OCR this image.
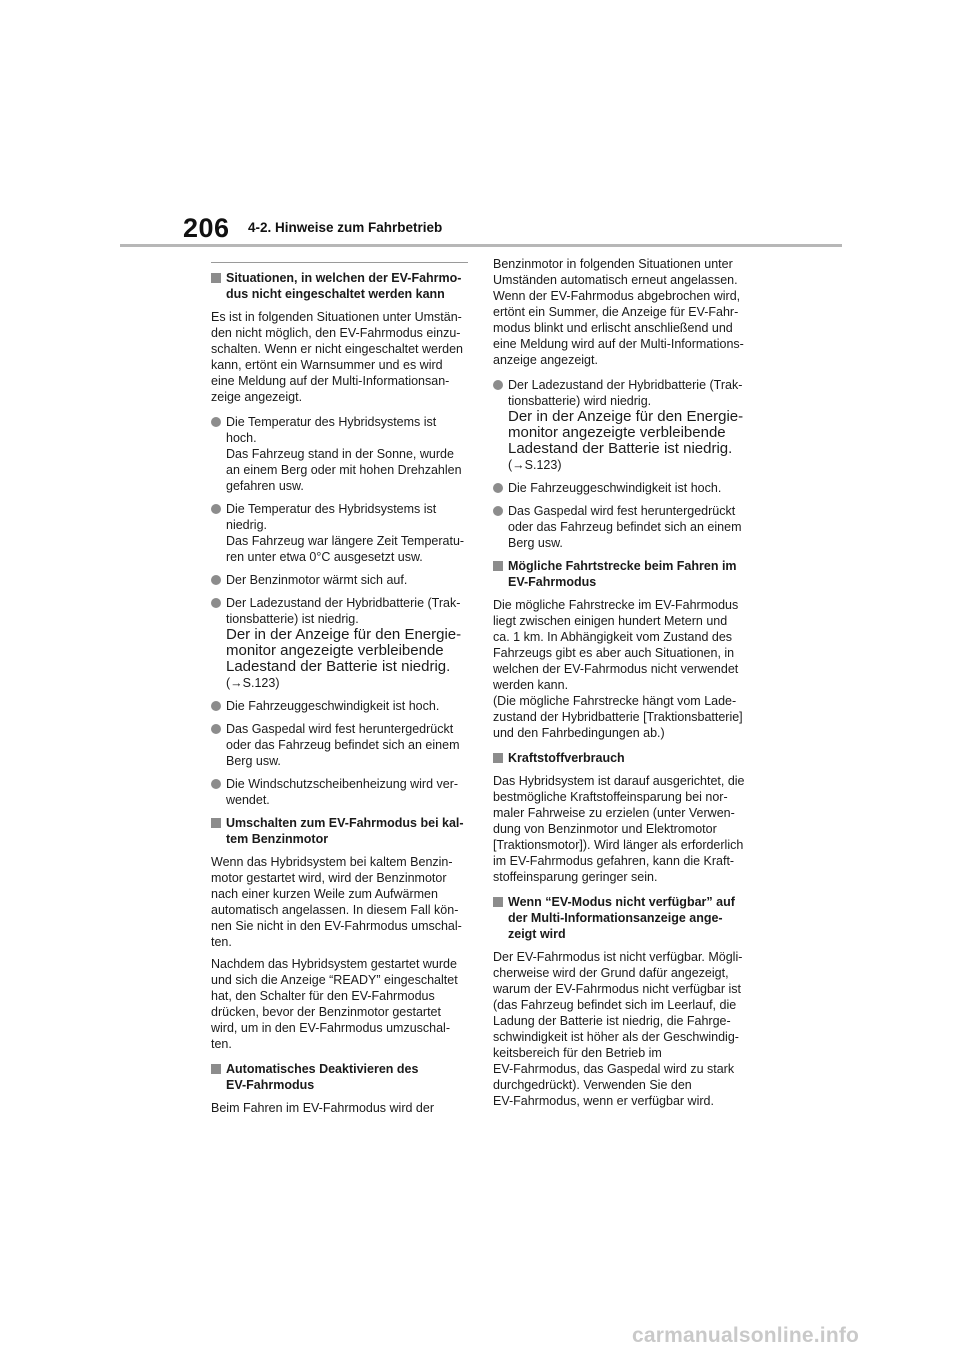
206 4-2. Hinweise zum Fahrbetrieb
Situationen, in welchen der EV-Fahrmo-
dus nicht eingeschaltet werden kann
Es ist in folgenden Situationen unter Umstän-
den nicht möglich, den EV-Fahrmodus einzu-
schalten. Wenn er nicht eingeschaltet werden
kann, ertönt ein Warnsummer und es wird
eine Meldung auf der Multi-Informationsan-
zeige angezeigt.
Die Temperatur des Hybridsystems ist
hoch.
Das Fahrzeug stand in der Sonne, wurde
an einem Berg oder mit hohen Drehzahlen
gefahren usw.
Die Temperatur des Hybridsystems ist
niedrig.
Das Fahrzeug war längere Zeit Temperatu-
ren unter etwa 0°C ausgesetzt usw.
Der Benzinmotor wärmt sich auf.
Der Ladezustand der Hybridbatterie (Trak-
tionsbatterie) ist niedrig.
Der in der Anzeige für den Energie-
monitor angezeigte verbleibende
Ladestand der Batterie ist niedrig.
(→S.123)
Die Fahrzeuggeschwindigkeit ist hoch.
Das Gaspedal wird fest heruntergedrückt
oder das Fahrzeug befindet sich an einem
Berg usw.
Die Windschutzscheibenheizung wird ver-
wendet.
Umschalten zum EV-Fahrmodus bei kal-
tem Benzinmotor
Wenn das Hybridsystem bei kaltem Benzin-
motor gestartet wird, wird der Benzinmotor
nach einer kurzen Weile zum Aufwärmen
automatisch angelassen. In diesem Fall kön-
nen Sie nicht in den EV-Fahrmodus umschal-
ten.
Nachdem das Hybridsystem gestartet wurde
und sich die Anzeige “READY” eingeschaltet
hat, den Schalter für den EV-Fahrmodus
drücken, bevor der Benzinmotor gestartet
wird, um in den EV-Fahrmodus umzuschal-
ten.
Automatisches Deaktivieren des
EV-Fahrmodus
Beim Fahren im EV-Fahrmodus wird der
Benzinmotor in folgenden Situationen unter
Umständen automatisch erneut angelassen.
Wenn der EV-Fahrmodus abgebrochen wird,
ertönt ein Summer, die Anzeige für EV-Fahr-
modus blinkt und erlischt anschließend und
eine Meldung wird auf der Multi-Informations-
anzeige angezeigt.
Der Ladezustand der Hybridbatterie (Trak-
tionsbatterie) wird niedrig.
Der in der Anzeige für den Energie-
monitor angezeigte verbleibende
Ladestand der Batterie ist niedrig.
(→S.123)
Die Fahrzeuggeschwindigkeit ist hoch.
Das Gaspedal wird fest heruntergedrückt
oder das Fahrzeug befindet sich an einem
Berg usw.
Mögliche Fahrtstrecke beim Fahren im
EV-Fahrmodus
Die mögliche Fahrstrecke im EV-Fahrmodus
liegt zwischen einigen hundert Metern und
ca. 1 km. In Abhängigkeit vom Zustand des
Fahrzeugs gibt es aber auch Situationen, in
welchen der EV-Fahrmodus nicht verwendet
werden kann.
(Die mögliche Fahrstrecke hängt vom Lade-
zustand der Hybridbatterie [Traktionsbatterie]
und den Fahrbedingungen ab.)
Kraftstoffverbrauch
Das Hybridsystem ist darauf ausgerichtet, die
bestmögliche Kraftstoffeinsparung bei nor-
maler Fahrweise zu erzielen (unter Verwen-
dung von Benzinmotor und Elektromotor
[Traktionsmotor]). Wird länger als erforderlich
im EV-Fahrmodus gefahren, kann die Kraft-
stoffeinsparung geringer sein.
Wenn “EV-Modus nicht verfügbar” auf
der Multi-Informationsanzeige ange-
zeigt wird
Der EV-Fahrmodus ist nicht verfügbar. Mögli-
cherweise wird der Grund dafür angezeigt,
warum der EV-Fahrmodus nicht verfügbar ist
(das Fahrzeug befindet sich im Leerlauf, die
Ladung der Batterie ist niedrig, die Fahrge-
schwindigkeit ist höher als der Geschwindig-
keitsbereich für den Betrieb im
EV-Fahrmodus, das Gaspedal wird zu stark
durchgedrückt). Verwenden Sie den
EV-Fahrmodus, wenn er verfügbar wird.
carmanualsonline.info
